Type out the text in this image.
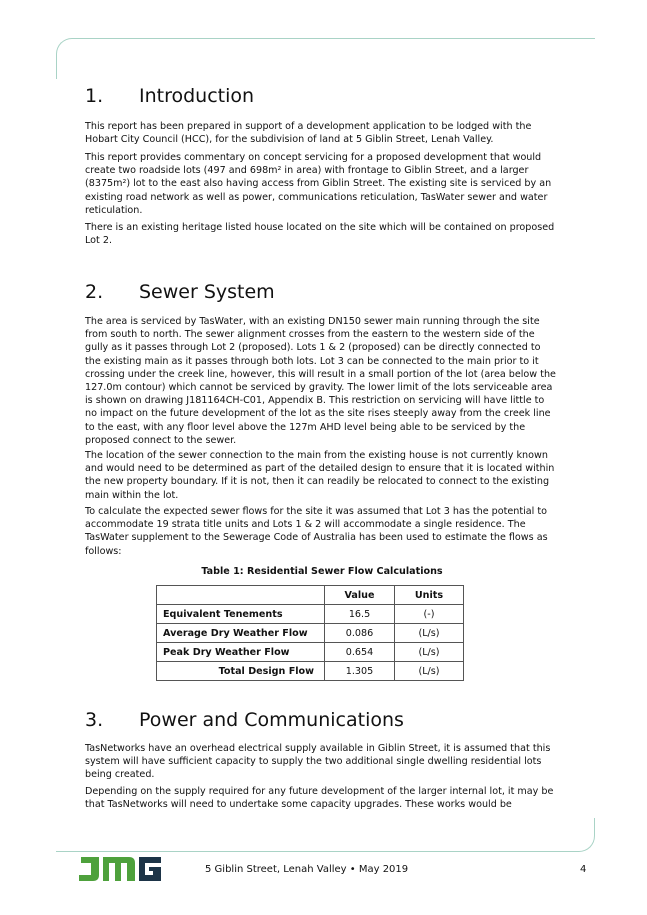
1.	Introduction

This report has been prepared in support of a development application to be lodged with the Hobart City Council (HCC), for the subdivision of land at 5 Giblin Street, Lenah Valley.

This report provides commentary on concept servicing for a proposed development that would create two roadside lots (497 and 698m² in area) with frontage to Giblin Street, and a larger (8375m²) lot to the east also having access from Giblin Street. The existing site is serviced by an existing road network as well as power, communications reticulation, TasWater sewer and water reticulation.

There is an existing heritage listed house located on the site which will be contained on proposed Lot 2.

2.	Sewer System

The area is serviced by TasWater, with an existing DN150 sewer main running through the site from south to north. The sewer alignment crosses from the eastern to the western side of the gully as it passes through Lot 2 (proposed). Lots 1 & 2 (proposed) can be directly connected to the existing main as it passes through both lots. Lot 3 can be connected to the main prior to it crossing under the creek line, however, this will result in a small portion of the lot (area below the 127.0m contour) which cannot be serviced by gravity. The lower limit of the lots serviceable area is shown on drawing J181164CH-C01, Appendix B. This restriction on servicing will have little to no impact on the future development of the lot as the site rises steeply away from the creek line to the east, with any floor level above the 127m AHD level being able to be serviced by the proposed connect to the sewer.

The location of the sewer connection to the main from the existing house is not currently known and would need to be determined as part of the detailed design to ensure that it is located within the new property boundary. If it is not, then it can readily be relocated to connect to the existing main within the lot.

To calculate the expected sewer flows for the site it was assumed that Lot 3 has the potential to accommodate 19 strata title units and Lots 1 & 2 will accommodate a single residence. The TasWater supplement to the Sewerage Code of Australia has been used to estimate the flows as follows:

Table 1: Residential Sewer Flow Calculations
	Value	Units
Equivalent Tenements	16.5	(-)
Average Dry Weather Flow	0.086	(L/s)
Peak Dry Weather Flow	0.654	(L/s)
Total Design Flow	1.305	(L/s)
3.	Power and Communications

TasNetworks have an overhead electrical supply available in Giblin Street, it is assumed that this system will have sufficient capacity to supply the two additional single dwelling residential lots being created.

Depending on the supply required for any future development of the larger internal lot, it may be that TasNetworks will need to undertake some capacity upgrades. These works would be

5 Giblin Street, Lenah Valley • May 2019	4
